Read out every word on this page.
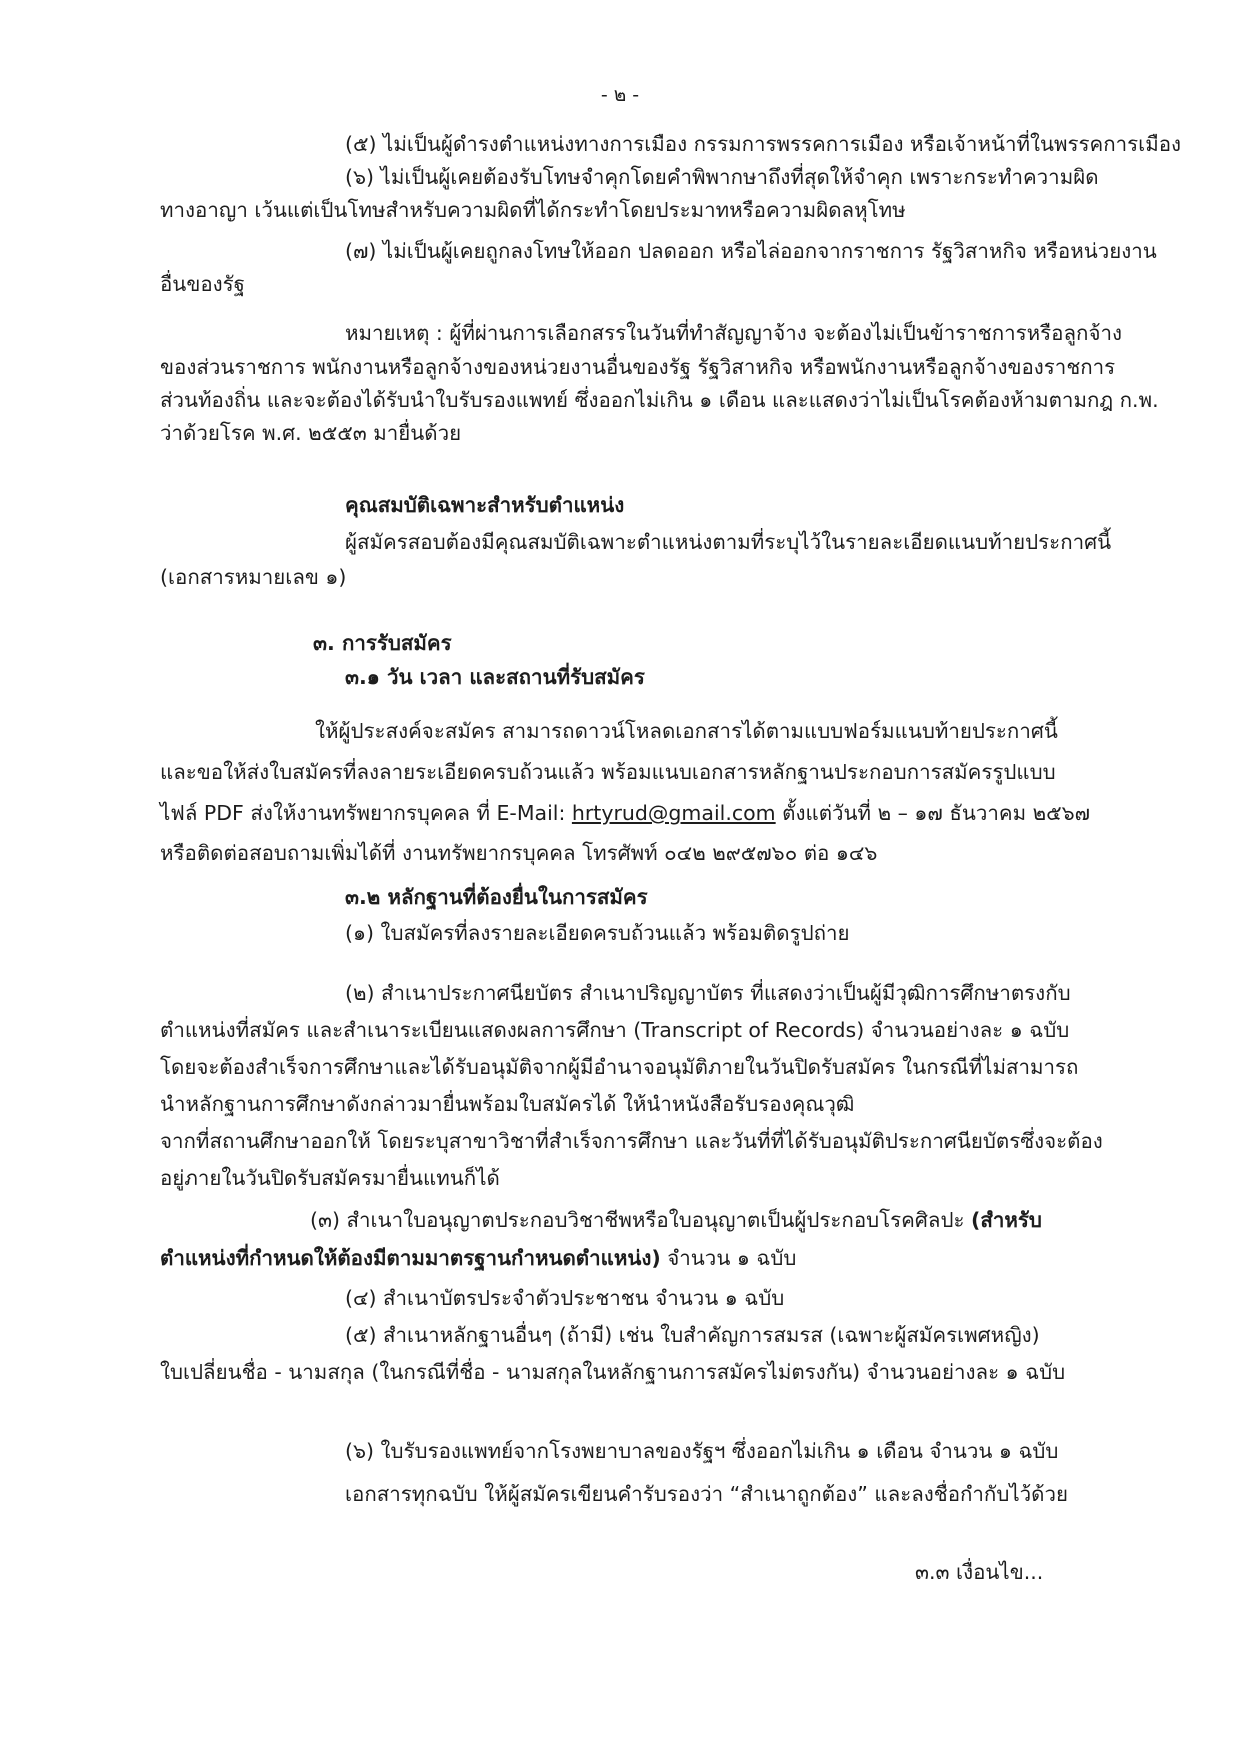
- ๒ -
(๕) ไม่เป็นผู้ดำรงตำแหน่งทางการเมือง กรรมการพรรคการเมือง หรือเจ้าหน้าที่ในพรรคการเมือง
(๖) ไม่เป็นผู้เคยต้องรับโทษจำคุกโดยคำพิพากษาถึงที่สุดให้จำคุก เพราะกระทำความผิด
ทางอาญา เว้นแต่เป็นโทษสำหรับความผิดที่ได้กระทำโดยประมาทหรือความผิดลหุโทษ
(๗) ไม่เป็นผู้เคยถูกลงโทษให้ออก ปลดออก หรือไล่ออกจากราชการ รัฐวิสาหกิจ หรือหน่วยงาน
อื่นของรัฐ
หมายเหตุ : ผู้ที่ผ่านการเลือกสรรในวันที่ทำสัญญาจ้าง จะต้องไม่เป็นข้าราชการหรือลูกจ้าง
ของส่วนราชการ พนักงานหรือลูกจ้างของหน่วยงานอื่นของรัฐ รัฐวิสาหกิจ หรือพนักงานหรือลูกจ้างของราชการ
ส่วนท้องถิ่น และจะต้องได้รับนำใบรับรองแพทย์ ซึ่งออกไม่เกิน ๑ เดือน และแสดงว่าไม่เป็นโรคต้องห้ามตามกฎ ก.พ.
ว่าด้วยโรค พ.ศ. ๒๕๕๓ มายื่นด้วย
คุณสมบัติเฉพาะสำหรับตำแหน่ง
ผู้สมัครสอบต้องมีคุณสมบัติเฉพาะตำแหน่งตามที่ระบุไว้ในรายละเอียดแนบท้ายประกาศนี้
(เอกสารหมายเลข ๑)
๓. การรับสมัคร
๓.๑ วัน เวลา และสถานที่รับสมัคร
ให้ผู้ประสงค์จะสมัคร สามารถดาวน์โหลดเอกสารได้ตามแบบฟอร์มแนบท้ายประกาศนี้
และขอให้ส่งใบสมัครที่ลงลายระเอียดครบถ้วนแล้ว พร้อมแนบเอกสารหลักฐานประกอบการสมัครรูปแบบ
ไฟล์ PDF ส่งให้งานทรัพยากรบุคคล ที่ E-Mail: hrtyrud@gmail.com ตั้งแต่วันที่ ๒ – ๑๗ ธันวาคม ๒๕๖๗
หรือติดต่อสอบถามเพิ่มได้ที่ งานทรัพยากรบุคคล โทรศัพท์ ๐๔๒ ๒๙๕๗๖๐ ต่อ ๑๔๖
๓.๒ หลักฐานที่ต้องยื่นในการสมัคร
(๑) ใบสมัครที่ลงรายละเอียดครบถ้วนแล้ว พร้อมติดรูปถ่าย
(๒) สำเนาประกาศนียบัตร สำเนาปริญญาบัตร ที่แสดงว่าเป็นผู้มีวุฒิการศึกษาตรงกับ
ตำแหน่งที่สมัคร และสำเนาระเบียนแสดงผลการศึกษา (Transcript of Records) จำนวนอย่างละ ๑ ฉบับ
โดยจะต้องสำเร็จการศึกษาและได้รับอนุมัติจากผู้มีอำนาจอนุมัติภายในวันปิดรับสมัคร ในกรณีที่ไม่สามารถ
นำหลักฐานการศึกษาดังกล่าวมายื่นพร้อมใบสมัครได้ ให้นำหนังสือรับรองคุณวุฒิ
จากที่สถานศึกษาออกให้ โดยระบุสาขาวิชาที่สำเร็จการศึกษา และวันที่ที่ได้รับอนุมัติประกาศนียบัตรซึ่งจะต้อง
อยู่ภายในวันปิดรับสมัครมายื่นแทนก็ได้
(๓) สำเนาใบอนุญาตประกอบวิชาชีพหรือใบอนุญาตเป็นผู้ประกอบโรคศิลปะ (สำหรับ
ตำแหน่งที่กำหนดให้ต้องมีตามมาตรฐานกำหนดตำแหน่ง) จำนวน ๑ ฉบับ
(๔) สำเนาบัตรประจำตัวประชาชน จำนวน ๑ ฉบับ
(๕) สำเนาหลักฐานอื่นๆ (ถ้ามี) เช่น ใบสำคัญการสมรส (เฉพาะผู้สมัครเพศหญิง)
ใบเปลี่ยนชื่อ - นามสกุล (ในกรณีที่ชื่อ - นามสกุลในหลักฐานการสมัครไม่ตรงกัน) จำนวนอย่างละ ๑ ฉบับ
(๖) ใบรับรองแพทย์จากโรงพยาบาลของรัฐฯ ซึ่งออกไม่เกิน ๑ เดือน จำนวน ๑ ฉบับ
เอกสารทุกฉบับ ให้ผู้สมัครเขียนคำรับรองว่า “สำเนาถูกต้อง” และลงชื่อกำกับไว้ด้วย
๓.๓ เงื่อนไข...
